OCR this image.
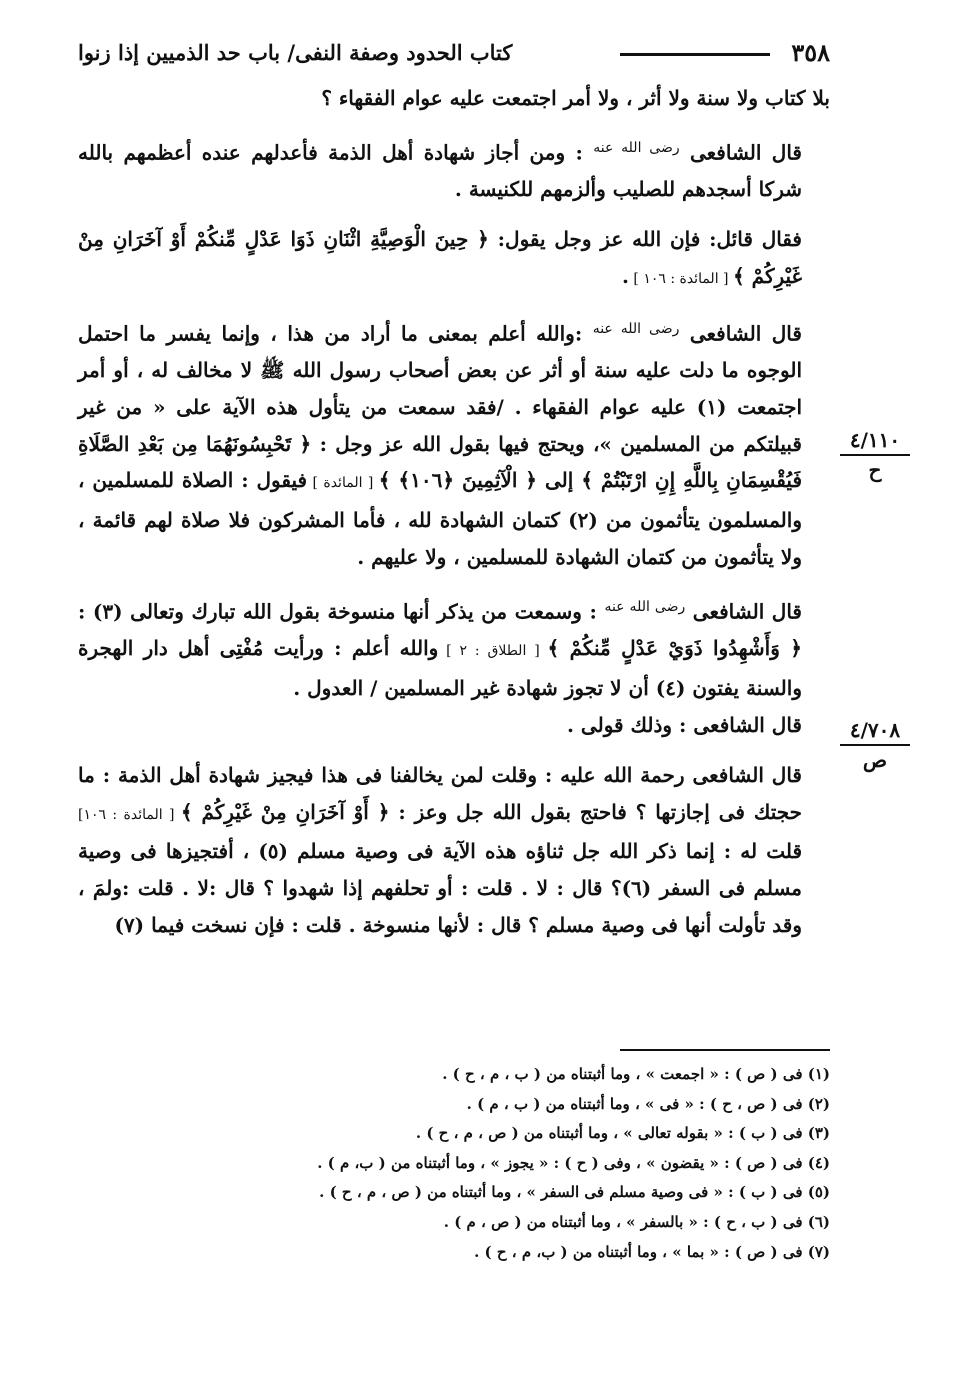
٣٥٨
كتاب الحدود وصفة النفى/ باب حد الذميين إذا زنوا
٤/١١٠
ح
٤/٧٠٨
ص

بلا كتاب ولا سنة ولا أثر ، ولا أمر اجتمعت عليه عوام الفقهاء ؟

قال الشافعى $^{رضى الله عنه}$ : ومن أجاز شهادة أهل الذمة فأعدلهم عنده أعظمهم بالله شركا أسجدهم للصليب وألزمهم للكنيسة .

فقال قائل: فإن الله عز وجل يقول: ﴿ حِينَ الْوَصِيَّةِ اثْنَانِ ذَوَا عَدْلٍ مِّنكُمْ أَوْ آخَرَانِ مِنْ غَيْرِكُمْ ﴾ [ المائدة : ١٠٦ ] .

قال الشافعى $^{رضى الله عنه}$ :والله أعلم بمعنى ما أراد من هذا ، وإنما يفسر ما احتمل الوجوه ما دلت عليه سنة أو أثر عن بعض أصحاب رسول الله ﷺ لا مخالف له ، أو أمر اجتمعت (١) عليه عوام الفقهاء . /فقد سمعت من يتأول هذه الآية على « من غير قبيلتكم من المسلمين »، ويحتج فيها بقول الله عز وجل : ﴿ تَحْبِسُونَهُمَا مِن بَعْدِ الصَّلَاةِ فَيُقْسِمَانِ بِاللَّهِ إِنِ ارْتَبْتُمْ ﴾ إلى ﴿ الْآثِمِينَ ﴿١٠٦﴾ ﴾ [ المائدة ] فيقول : الصلاة للمسلمين ، والمسلمون يتأثمون من (٢) كتمان الشهادة لله ، فأما المشركون فلا صلاة لهم قائمة ، ولا يتأثمون من كتمان الشهادة للمسلمين ، ولا عليهم .

قال الشافعى $^{رضى الله عنه}$ : وسمعت من يذكر أنها منسوخة بقول الله تبارك وتعالى (٣) : ﴿ وَأَشْهِدُوا ذَوَيْ عَدْلٍ مِّنكُمْ ﴾ [ الطلاق : ٢ ] والله أعلم : ورأيت مُفْتِى أهل دار الهجرة والسنة يفتون (٤) أن لا تجوز شهادة غير المسلمين / العدول .

قال الشافعى : وذلك قولى .

قال الشافعى رحمة الله عليه : وقلت لمن يخالفنا فى هذا فيجيز شهادة أهل الذمة : ما حجتك فى إجازتها ؟ فاحتج بقول الله جل وعز : ﴿ أَوْ آخَرَانِ مِنْ غَيْرِكُمْ ﴾ [ المائدة : ١٠٦] قلت له : إنما ذكر الله جل ثناؤه هذه الآية فى وصية مسلم (٥) ، أفتجيزها فى وصية مسلم فى السفر (٦)؟ قال : لا . قلت : أو تحلفهم إذا شهدوا ؟ قال :لا . قلت :ولمَ ، وقد تأولت أنها فى وصية مسلم ؟ قال : لأنها منسوخة . قلت : فإن نسخت فيما (٧)

(١) فى ( ص ) : « اجمعت » ، وما أثبتناه من ( ب ، م ، ح ) .

(٢) فى ( ص ، ح ) : « فى » ، وما أثبتناه من ( ب ، م ) .

(٣) فى ( ب ) : « بقوله تعالى » ، وما أثبتناه من ( ص ، م ، ح ) .

(٤) فى ( ص ) : « يقضون » ، وفى ( ح ) : « يجوز » ، وما أثبتناه من ( ب، م ) .

(٥) فى ( ب ) : « فى وصية مسلم فى السفر » ، وما أثبتناه من ( ص ، م ، ح ) .

(٦) فى ( ب ، ح ) : « بالسفر » ، وما أثبتناه من ( ص ، م ) .

(٧) فى ( ص ) : « بما » ، وما أثبتناه من ( ب، م ، ح ) .
